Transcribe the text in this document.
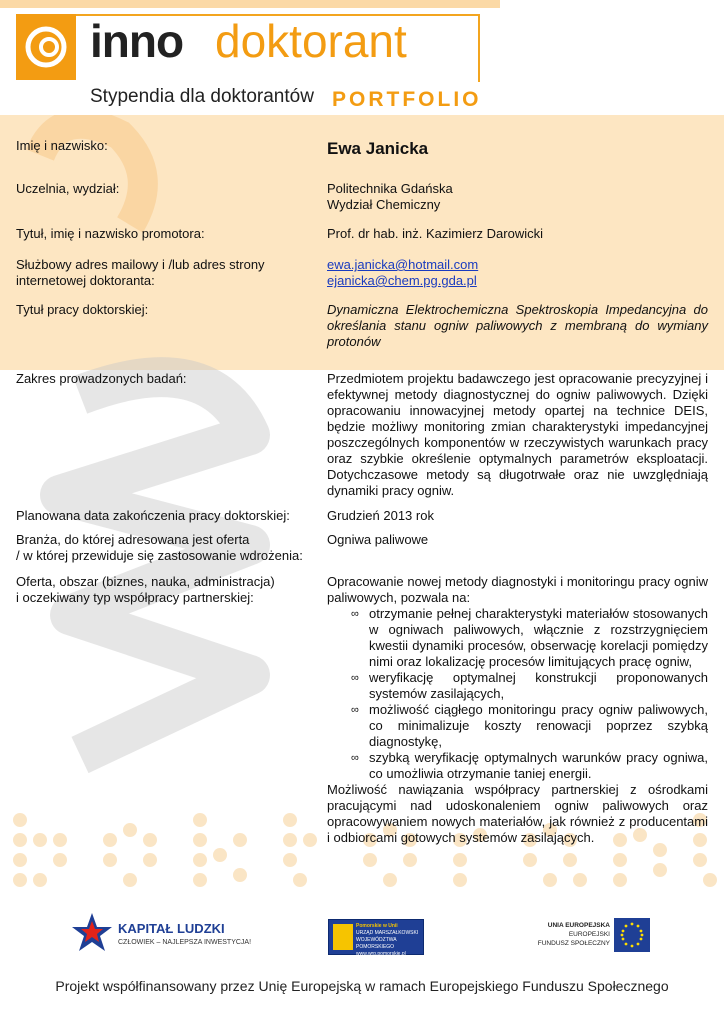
inno doktorant
Stypendia dla doktorantów PORTFOLIO
Imię i nazwisko:	Ewa Janicka
Uczelnia, wydział:	Politechnika Gdańska
Wydział Chemiczny
Tytuł, imię i nazwisko promotora:	Prof. dr hab. inż. Kazimierz Darowicki
Służbowy adres mailowy i /lub adres strony
internetowej doktoranta:
ewa.janicka@hotmail.com
ejanicka@chem.pg.gda.pl
Tytuł pracy doktorskiej:	Dynamiczna Elektrochemiczna Spektroskopia Impedancyjna do określania stanu ogniw paliwowych z membraną do wymiany protonów
Zakres prowadzonych badań:	Przedmiotem projektu badawczego jest opracowanie precyzyjnej i efektywnej metody diagnostycznej do ogniw paliwowych. Dzięki opracowaniu innowacyjnej metody opartej na technice DEIS, będzie możliwy monitoring zmian charakterystyki impedancyjnej poszczególnych komponentów w rzeczywistych warunkach pracy oraz szybkie określenie optymalnych parametrów eksploatacji. Dotychczasowe metody są długotrwałe oraz nie uwzględniają dynamiki pracy ogniw.
Planowana data zakończenia pracy doktorskiej:	Grudzień 2013 rok
Branża, do której adresowana jest oferta
/ w której przewiduje się zastosowanie wdrożenia:
Ogniwa paliwowe
Oferta, obszar (biznes, nauka, administracja)
i oczekiwany typ współpracy partnerskiej:
Opracowanie nowej metody diagnostyki i monitoringu pracy ogniw paliwowych, pozwala na:
∞ otrzymanie pełnej charakterystyki materiałów stosowanych w ogniwach paliwowych, włącznie z rozstrzygnięciem kwestii dynamiki procesów, obserwację korelacji pomiędzy nimi oraz lokalizację procesów limitujących pracę ogniw,
∞ weryfikację optymalnej konstrukcji proponowanych systemów zasilających,
∞ możliwość ciągłego monitoringu pracy ogniw paliwowych, co minimalizuje koszty renowacji poprzez szybką diagnostykę,
∞ szybką weryfikację optymalnych warunków pracy ogniwa, co umożliwia otrzymanie taniej energii.
Możliwość nawiązania współpracy partnerskiej z ośrodkami pracującymi nad udoskonaleniem ogniw paliwowych oraz opracowywaniem nowych materiałów, jak również z producentami i odbiorcami gotowych systemów zasilających.
KAPITAŁ LUDZKI
CZŁOWIEK – NAJLEPSZA INWESTYCJA!
Pomorskie w Unii
URZĄD MARSZAŁKOWSKI
WOJEWÓDZTWA POMORSKIEGO
www.wrp.pomorskie.pl
UNIA EUROPEJSKA
EUROPEJSKI
FUNDUSZ SPOŁECZNY
Projekt współfinansowany przez Unię Europejską w ramach Europejskiego Funduszu Społecznego
